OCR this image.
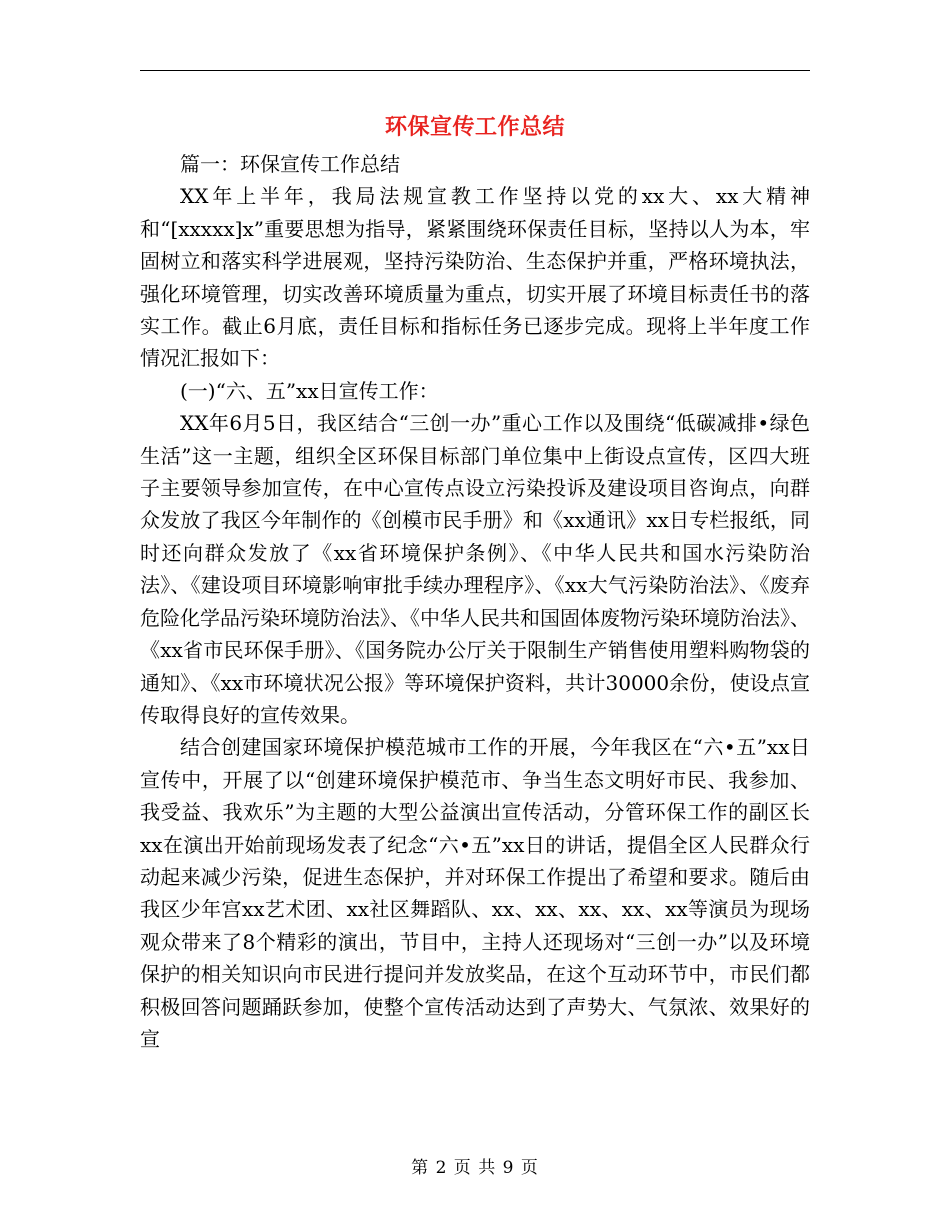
环保宣传工作总结

篇一：环保宣传工作总结

XX年上半年，我局法规宣教工作坚持以党的xx大、xx大精神和“[xxxxx]x”重要思想为指导，紧紧围绕环保责任目标，坚持以人为本，牢固树立和落实科学进展观，坚持污染防治、生态保护并重，严格环境执法，强化环境管理，切实改善环境质量为重点，切实开展了环境目标责任书的落实工作。截止6月底，责任目标和指标任务已逐步完成。现将上半年度工作情况汇报如下：

(一)“六、五”xx日宣传工作：

XX年6月5日，我区结合“三创一办”重心工作以及围绕“低碳减排•绿色生活”这一主题，组织全区环保目标部门单位集中上街设点宣传，区四大班子主要领导参加宣传，在中心宣传点设立污染投诉及建设项目咨询点，向群众发放了我区今年制作的《创模市民手册》和《xx通讯》xx日专栏报纸，同时还向群众发放了《xx省环境保护条例》、《中华人民共和国水污染防治法》、《建设项目环境影响审批手续办理程序》、《xx大气污染防治法》、《废弃危险化学品污染环境防治法》、《中华人民共和国固体废物污染环境防治法》、《xx省市民环保手册》、《国务院办公厅关于限制生产销售使用塑料购物袋的通知》、《xx市环境状况公报》等环境保护资料，共计30000余份，使设点宣传取得良好的宣传效果。

结合创建国家环境保护模范城市工作的开展，今年我区在“六•五”xx日宣传中，开展了以“创建环境保护模范市、争当生态文明好市民、我参加、我受益、我欢乐”为主题的大型公益演出宣传活动，分管环保工作的副区长xx在演出开始前现场发表了纪念“六•五”xx日的讲话，提倡全区人民群众行动起来减少污染，促进生态保护，并对环保工作提出了希望和要求。随后由我区少年宫xx艺术团、xx社区舞蹈队、xx、xx、xx、xx、xx等演员为现场观众带来了8个精彩的演出，节目中，主持人还现场对“三创一办”以及环境保护的相关知识向市民进行提问并发放奖品，在这个互动环节中，市民们都积极回答问题踊跃参加，使整个宣传活动达到了声势大、气氛浓、效果好的宣

第 2 页 共 9 页
